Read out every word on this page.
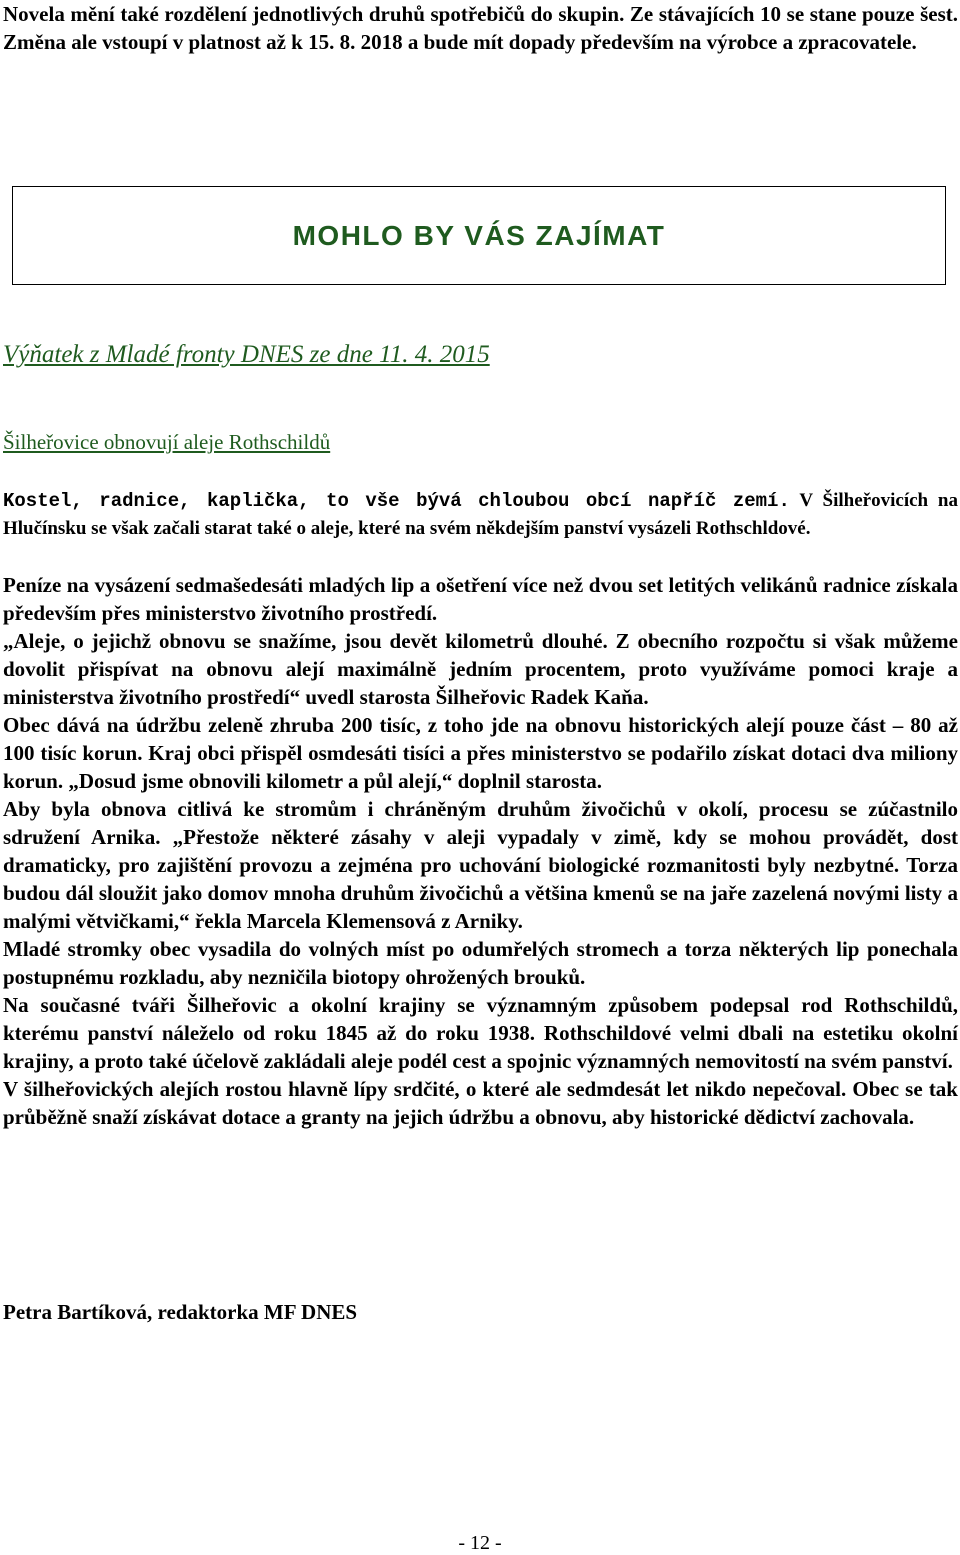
Novela mění také rozdělení jednotlivých druhů spotřebičů do skupin. Ze stávajících 10 se stane pouze šest. Změna ale vstoupí v platnost až k 15. 8. 2018 a bude mít dopady především na výrobce a zpracovatele.
MOHLO BY VÁS ZAJÍMAT
Výňatek z Mladé fronty DNES ze dne 11. 4. 2015
Šilheřovice obnovují aleje Rothschildů
Kostel, radnice, kaplička, to vše bývá chloubou obcí napříč zemí. V Šilheřovicích na Hlučínsku se však začali starat také o aleje, které na svém někdejším panství vysázeli Rothschldové.

Peníze na vysázení sedmašedesáti mladých lip a ošetření více než dvou set letitých velikánů radnice získala především přes ministerstvo životního prostředí.

„Aleje, o jejichž obnovu se snažíme, jsou devět kilometrů dlouhé. Z obecního rozpočtu si však můžeme dovolit přispívat na obnovu alejí maximálně jedním procentem, proto využíváme pomoci kraje a ministerstva životního prostředí“ uvedl starosta Šilheřovic Radek Kaňa.

Obec dává na údržbu zeleně zhruba 200 tisíc, z toho jde na obnovu historických alejí pouze část – 80 až 100 tisíc korun. Kraj obci přispěl osmdesáti tisíci a přes ministerstvo se podařilo získat dotaci dva miliony korun. „Dosud jsme obnovili kilometr a půl alejí,“ doplnil starosta.

Aby byla obnova citlivá ke stromům i chráněným druhům živočichů v okolí, procesu se zúčastnilo sdružení Arnika. „Přestože některé zásahy v aleji vypadaly v zimě, kdy se mohou provádět, dost dramaticky, pro zajištění provozu a zejména pro uchování biologické rozmanitosti byly nezbytné. Torza budou dál sloužit jako domov mnoha druhům živočichů a většina kmenů se na jaře zazelená novými listy a malými větvičkami,“ řekla Marcela Klemensová z Arniky.

Mladé stromky obec vysadila do volných míst po odumřelých stromech a torza některých lip ponechala postupnému rozkladu, aby nezničila biotopy ohrožených brouků.

Na současné tváři Šilheřovic a okolní krajiny se významným způsobem podepsal rod Rothschildů, kterému panství náleželo od roku 1845 až do roku 1938. Rothschildové velmi dbali na estetiku okolní krajiny, a proto také účelově zakládali aleje podél cest a spojnic významných nemovitostí na svém panství.

V šilheřovických alejích rostou hlavně lípy srdčité, o které ale sedmdesát let nikdo nepečoval. Obec se tak průběžně snaží získávat dotace a granty na jejich údržbu a obnovu, aby historické dědictví zachovala.

Petra Bartíková, redaktorka MF DNES
- 12 -
